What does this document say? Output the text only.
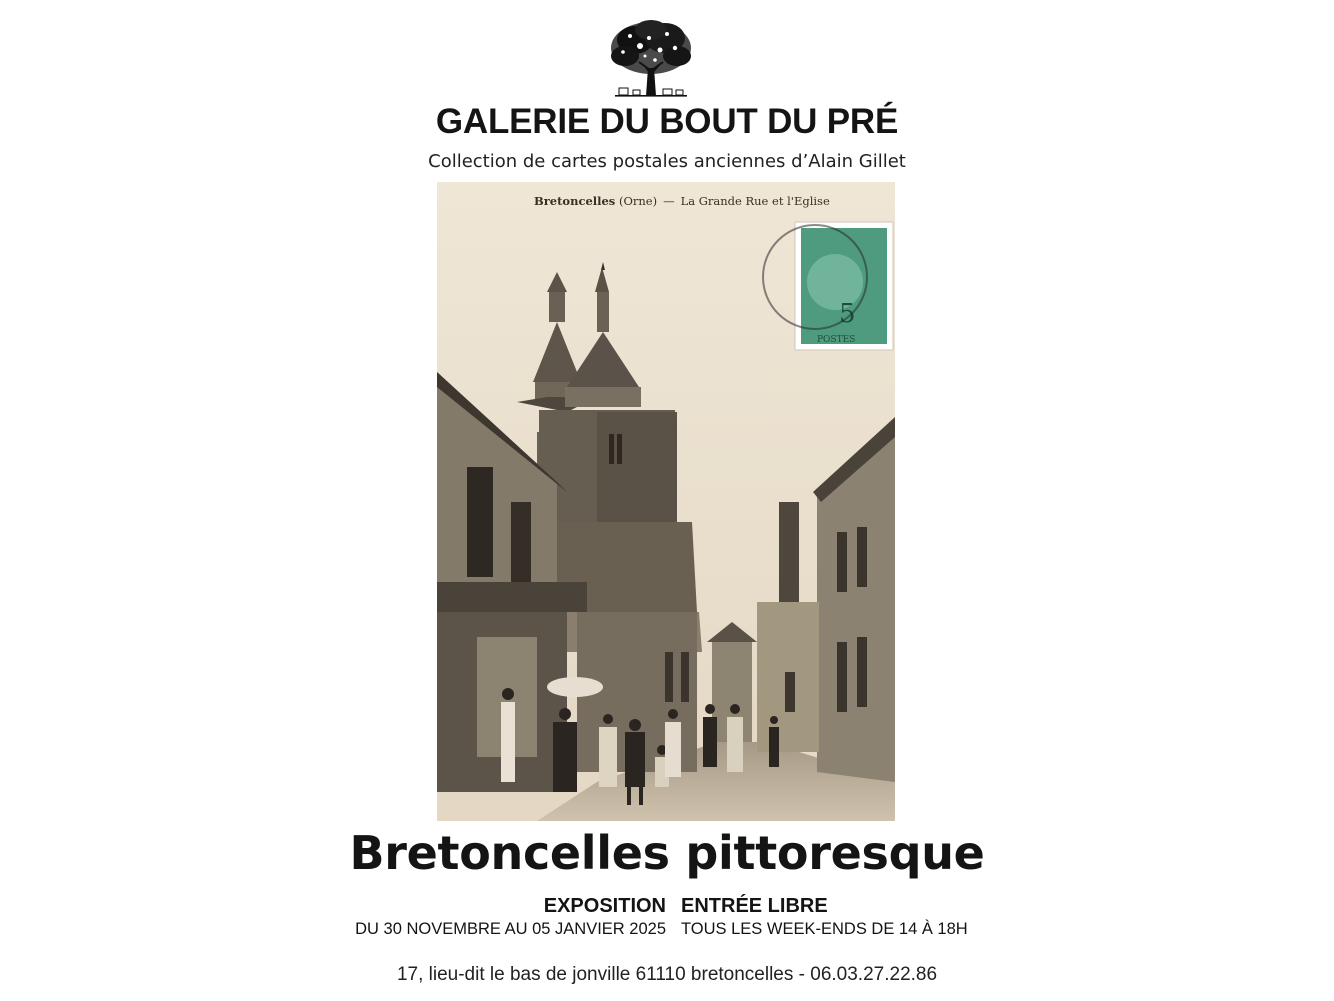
GALERIE DU BOUT DU PRÉ
Collection de cartes postales anciennes d’Alain Gillet
5
POSTES
Bretoncelles (Orne) — La Grande Rue et l'Eglise
Bretoncelles pittoresque
EXPOSITION
DU 30 NOVEMBRE AU 05 JANVIER 2025
ENTRÉE LIBRE
TOUS LES WEEK-ENDS DE 14 À 18H
17, lieu-dit le bas de jonville 61110 bretoncelles - 06.03.27.22.86
